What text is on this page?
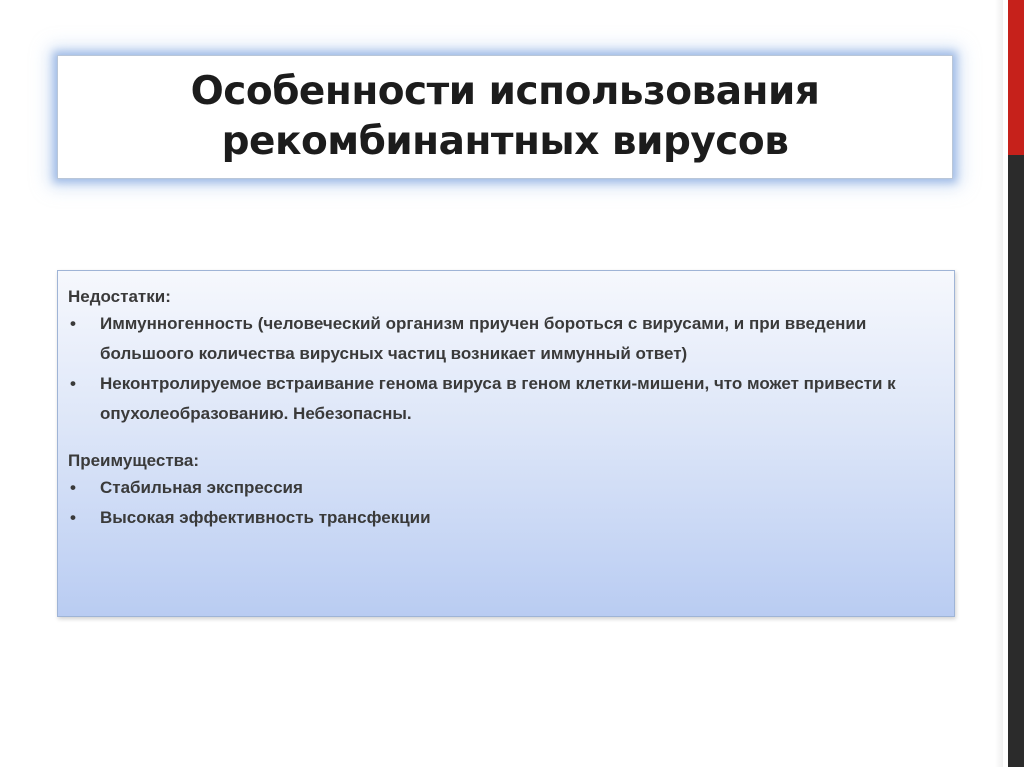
Особенности использования рекомбинантных вирусов

Недостатки:

• Иммунногенность (человеческий организм приучен бороться с вирусами, и при введении большоого количества вирусных частиц возникает иммунный ответ)
• Неконтролируемое встраивание генома вируса в геном клетки-мишени, что может привести к опухолеобразованию. Небезопасны.

Преимущества:

• Стабильная экспрессия
• Высокая эффективность трансфекции
